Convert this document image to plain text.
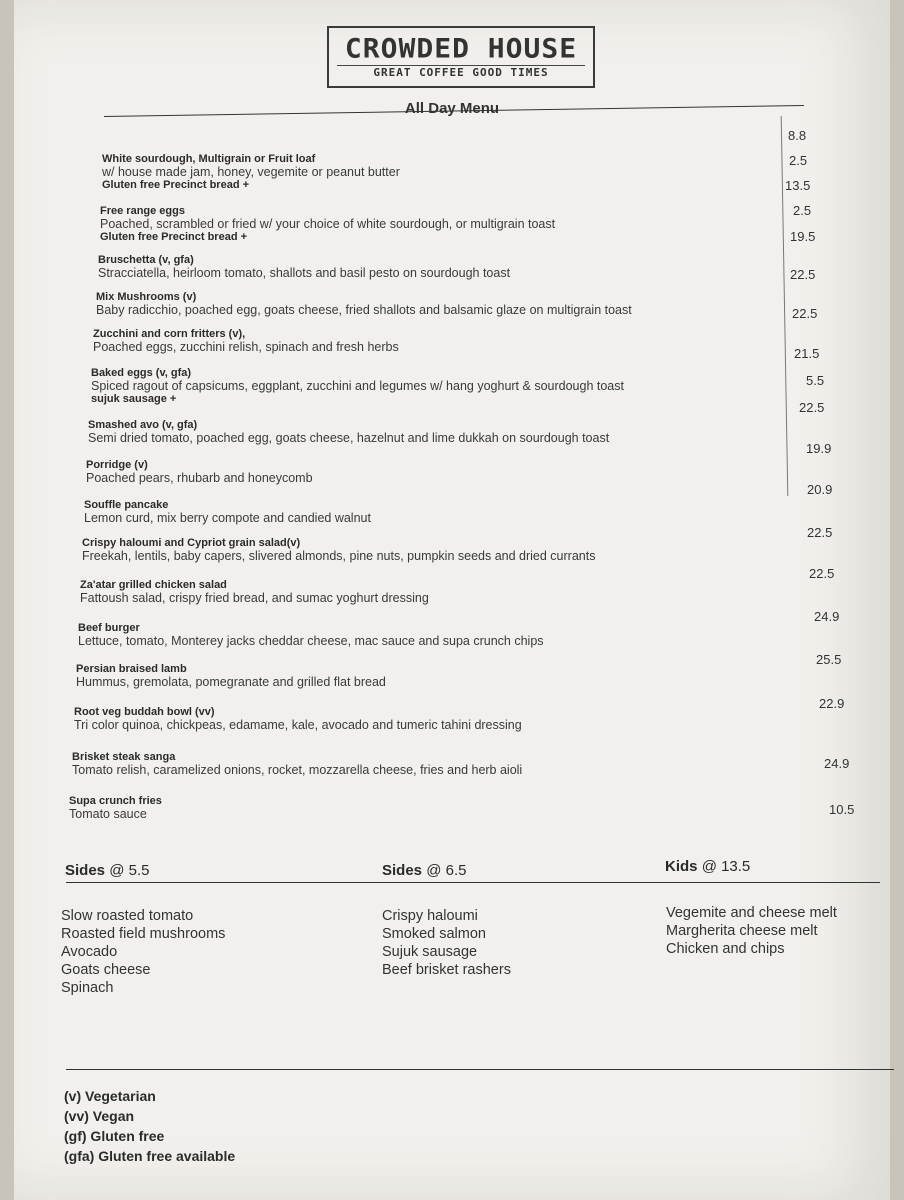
CROWDED HOUSE
GREAT COFFEE GOOD TIMES
All Day Menu
White sourdough, Multigrain or Fruit loaf
w/ house made jam, honey, vegemite or peanut butter
Gluten free Precinct bread +
Free range eggs
Poached, scrambled or fried w/ your choice of white sourdough, or multigrain toast
Gluten free Precinct bread +
Bruschetta (v, gfa)
Stracciatella, heirloom tomato, shallots and basil pesto on sourdough toast
Mix Mushrooms (v)
Baby radicchio, poached egg, goats cheese, fried shallots and balsamic glaze on multigrain toast
Zucchini and corn fritters (v),
Poached eggs, zucchini relish, spinach and fresh herbs
Baked eggs (v, gfa)
Spiced ragout of capsicums, eggplant, zucchini and legumes w/ hang yoghurt & sourdough toast
sujuk sausage +
Smashed avo (v, gfa)
Semi dried tomato, poached egg, goats cheese, hazelnut and lime dukkah on sourdough toast
Porridge (v)
Poached pears, rhubarb and honeycomb
Souffle pancake
Lemon curd, mix berry compote and candied walnut
Crispy haloumi and Cypriot grain salad(v)
Freekah, lentils, baby capers, slivered almonds, pine nuts, pumpkin seeds and dried currants
Za'atar grilled chicken salad
Fattoush salad, crispy fried bread, and sumac yoghurt dressing
Beef burger
Lettuce, tomato, Monterey jacks cheddar cheese, mac sauce and supa crunch chips
Persian braised lamb
Hummus, gremolata, pomegranate and grilled flat bread
Root veg buddah bowl (vv)
Tri color quinoa, chickpeas, edamame, kale, avocado and tumeric tahini dressing
Brisket steak sanga
Tomato relish, caramelized onions, rocket, mozzarella cheese, fries and herb aioli
Supa crunch fries
Tomato sauce
8.8
2.5
13.5
2.5
19.5
22.5
22.5
21.5
5.5
22.5
19.9
20.9
22.5
22.5
24.9
25.5
22.9
24.9
10.5
Sides @ 5.5	Sides @ 6.5	Kids @ 13.5
Slow roasted tomato
Roasted field mushrooms
Avocado
Goats cheese
Spinach
Crispy haloumi
Smoked salmon
Sujuk sausage
Beef brisket rashers
Vegemite and cheese melt
Margherita cheese melt
Chicken and chips
(v) Vegetarian
(vv) Vegan
(gf) Gluten free
(gfa) Gluten free available
